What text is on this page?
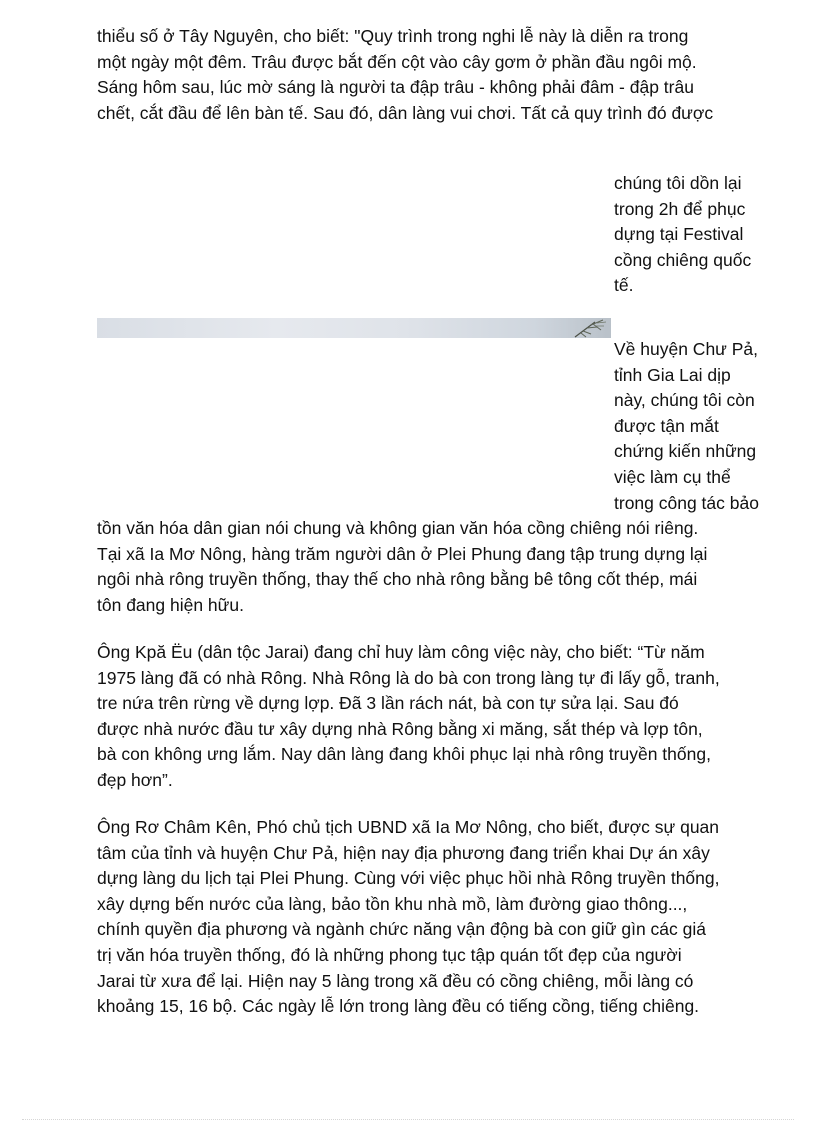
thiểu số ở Tây Nguyên, cho biết: "Quy trình trong nghi lễ này là diễn ra trong
một ngày một đêm. Trâu được bắt đến cột vào cây gơm ở phần đầu ngôi mộ.
Sáng hôm sau, lúc mờ sáng là người ta đập trâu - không phải đâm - đập trâu
chết, cắt đầu để lên bàn tế. Sau đó, dân làng vui chơi. Tất cả quy trình đó được

chúng tôi dồn lại
trong 2h để phục
dựng tại Festival
cồng chiêng quốc
tế.

Về huyện Chư Pả,
tỉnh Gia Lai dịp
này, chúng tôi còn
được tận mắt
chứng kiến những
việc làm cụ thể
trong công tác bảo

tồn văn hóa dân gian nói chung và không gian văn hóa cồng chiêng nói riêng.
Tại xã Ia Mơ Nông, hàng trăm người dân ở Plei Phung đang tập trung dựng lại
ngôi nhà rông truyền thống, thay thế cho nhà rông bằng bê tông cốt thép, mái
tôn đang hiện hữu.

Ông Kpă Ëu (dân tộc Jarai) đang chỉ huy làm công việc này, cho biết: “Từ năm
1975 làng đã có nhà Rông. Nhà Rông là do bà con trong làng tự đi lấy gỗ, tranh,
tre nứa trên rừng về dựng lợp. Đã 3 lần rách nát, bà con tự sửa lại. Sau đó
được nhà nước đầu tư xây dựng nhà Rông bằng xi măng, sắt thép và lợp tôn,
bà con không ưng lắm. Nay dân làng đang khôi phục lại nhà rông truyền thống,
đẹp hơn”.

Ông Rơ Châm Kên, Phó chủ tịch UBND xã Ia Mơ Nông, cho biết, được sự quan
tâm của tỉnh và huyện Chư Pả, hiện nay địa phương đang triển khai Dự án xây
dựng làng du lịch tại Plei Phung. Cùng với việc phục hồi nhà Rông truyền thống,
xây dựng bến nước của làng, bảo tồn khu nhà mồ, làm đường giao thông...,
chính quyền địa phương và ngành chức năng vận động bà con giữ gìn các giá
trị văn hóa truyền thống, đó là những phong tục tập quán tốt đẹp của người
Jarai từ xưa để lại. Hiện nay 5 làng trong xã đều có cồng chiêng, mỗi làng có
khoảng 15, 16 bộ. Các ngày lễ lớn trong làng đều có tiếng cồng, tiếng chiêng.
